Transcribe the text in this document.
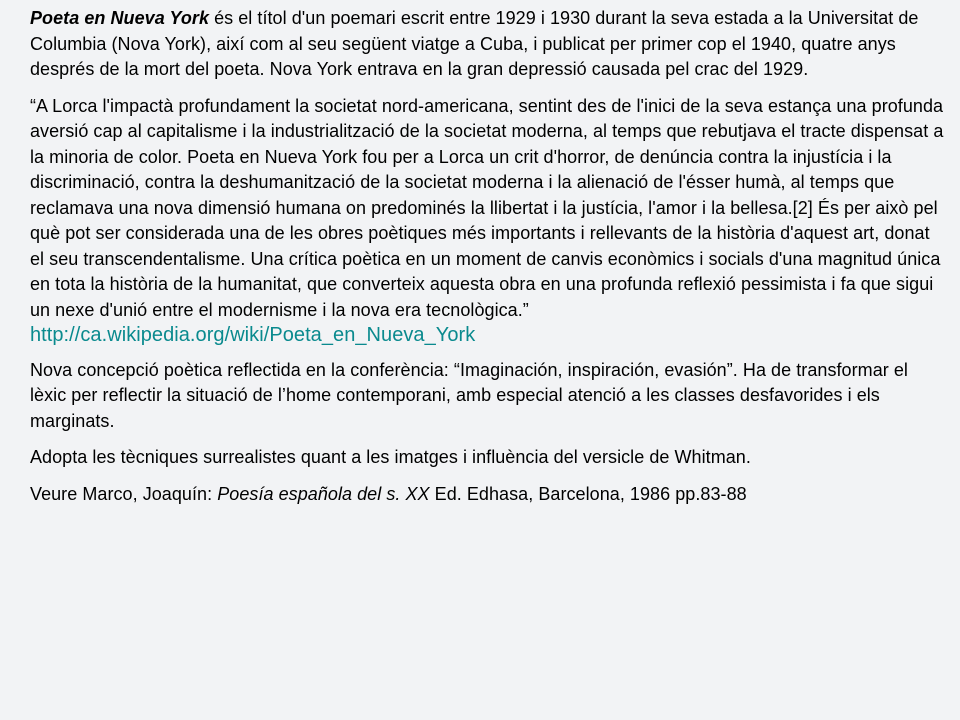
Poeta en Nueva York és el títol d'un poemari escrit entre 1929 i 1930 durant la seva estada a la Universitat de Columbia (Nova York), així com al seu següent viatge a Cuba, i publicat per primer cop el 1940, quatre anys després de la mort del poeta. Nova York entrava en la gran depressió causada pel crac del 1929.

“A Lorca l'impactà profundament la societat nord-americana, sentint des de l'inici de la seva estança una profunda aversió cap al capitalisme i la industrialització de la societat moderna, al temps que rebutjava el tracte dispensat a la minoria de color. Poeta en Nueva York fou per a Lorca un crit d'horror, de denúncia contra la injustícia i la discriminació, contra la deshumanització de la societat moderna i la alienació de l'ésser humà, al temps que reclamava una nova dimensió humana on predominés la llibertat i la justícia, l'amor i la bellesa.[2] És per això pel què pot ser considerada una de les obres poètiques més importants i rellevants de la història d'aquest art, donat el seu transcendentalisme. Una crítica poètica en un moment de canvis econòmics i socials d'una magnitud única en tota la història de la humanitat, que converteix aquesta obra en una profunda reflexió pessimista i fa que sigui un nexe d'unió entre el modernisme i la nova era tecnològica.” http://ca.wikipedia.org/wiki/Poeta_en_Nueva_York

Nova concepció poètica reflectida en la conferència: “Imaginación, inspiración, evasión”. Ha de transformar el lèxic per reflectir la situació de l’home contemporani, amb especial atenció a les classes desfavorides i els marginats.

Adopta les tècniques surrealistes quant a les imatges i influència del versicle de Whitman.

Veure Marco, Joaquín: Poesía española del s. XX Ed. Edhasa, Barcelona, 1986 pp.83-88
